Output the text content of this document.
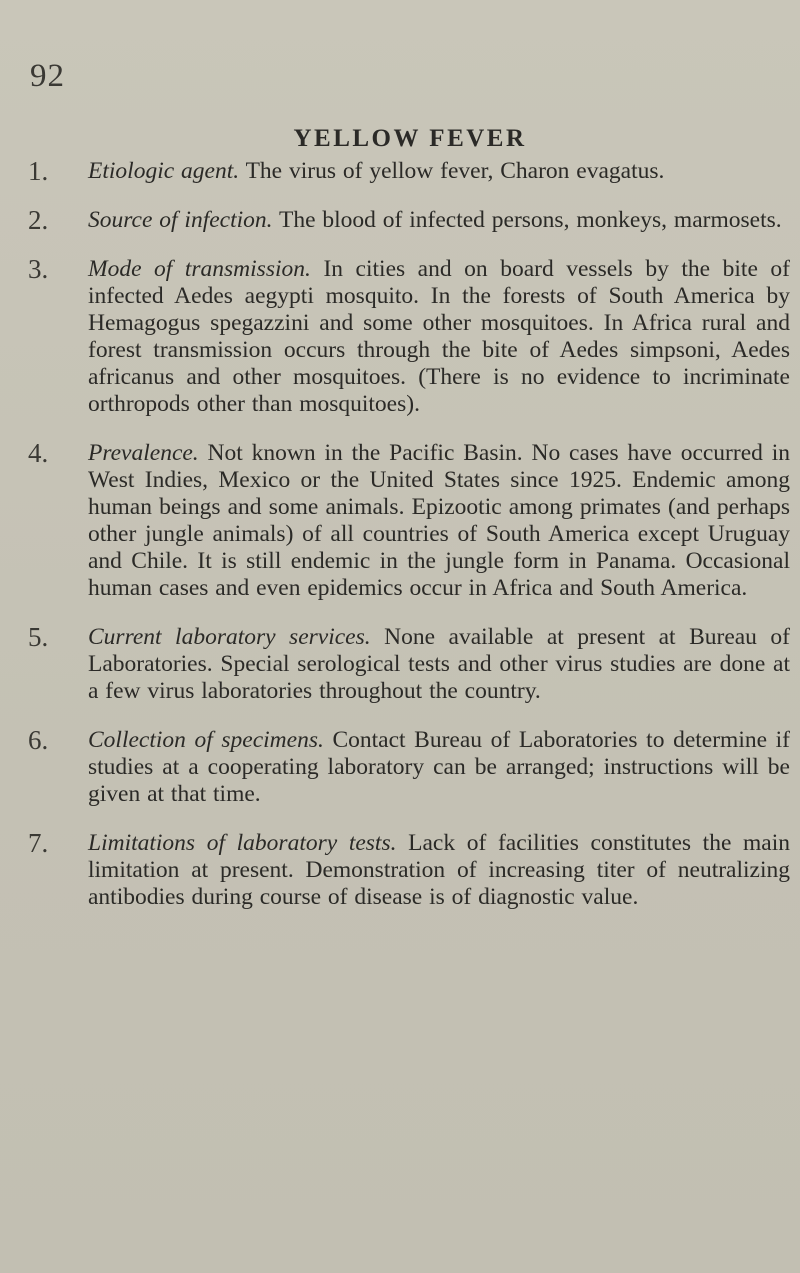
92
YELLOW FEVER
1.	Etiologic agent. The virus of yellow fever, Charon evagatus.

2.	Source of infection. The blood of infected persons, monkeys, marmosets.

3.	Mode of transmission. In cities and on board vessels by the bite of infected Aedes aegypti mosquito. In the forests of South America by Hemagogus spegazzini and some other mosquitoes. In Africa rural and forest transmission occurs through the bite of Aedes simpsoni, Aedes africanus and other mosquitoes. (There is no evidence to incriminate orthropods other than mosquitoes).

4.	Prevalence. Not known in the Pacific Basin. No cases have occurred in West Indies, Mexico or the United States since 1925. Endemic among human beings and some animals. Epizootic among primates (and perhaps other jungle animals) of all countries of South America except Uruguay and Chile. It is still endemic in the jungle form in Panama. Occasional human cases and even epidemics occur in Africa and South America.

5.	Current laboratory services. None available at present at Bureau of Laboratories. Special serological tests and other virus studies are done at a few virus laboratories throughout the country.

6.	Collection of specimens. Contact Bureau of Laboratories to determine if studies at a cooperating laboratory can be arranged; instructions will be given at that time.

7.	Limitations of laboratory tests. Lack of facilities constitutes the main limitation at present. Demonstration of increasing titer of neutralizing antibodies during course of disease is of diagnostic value.
